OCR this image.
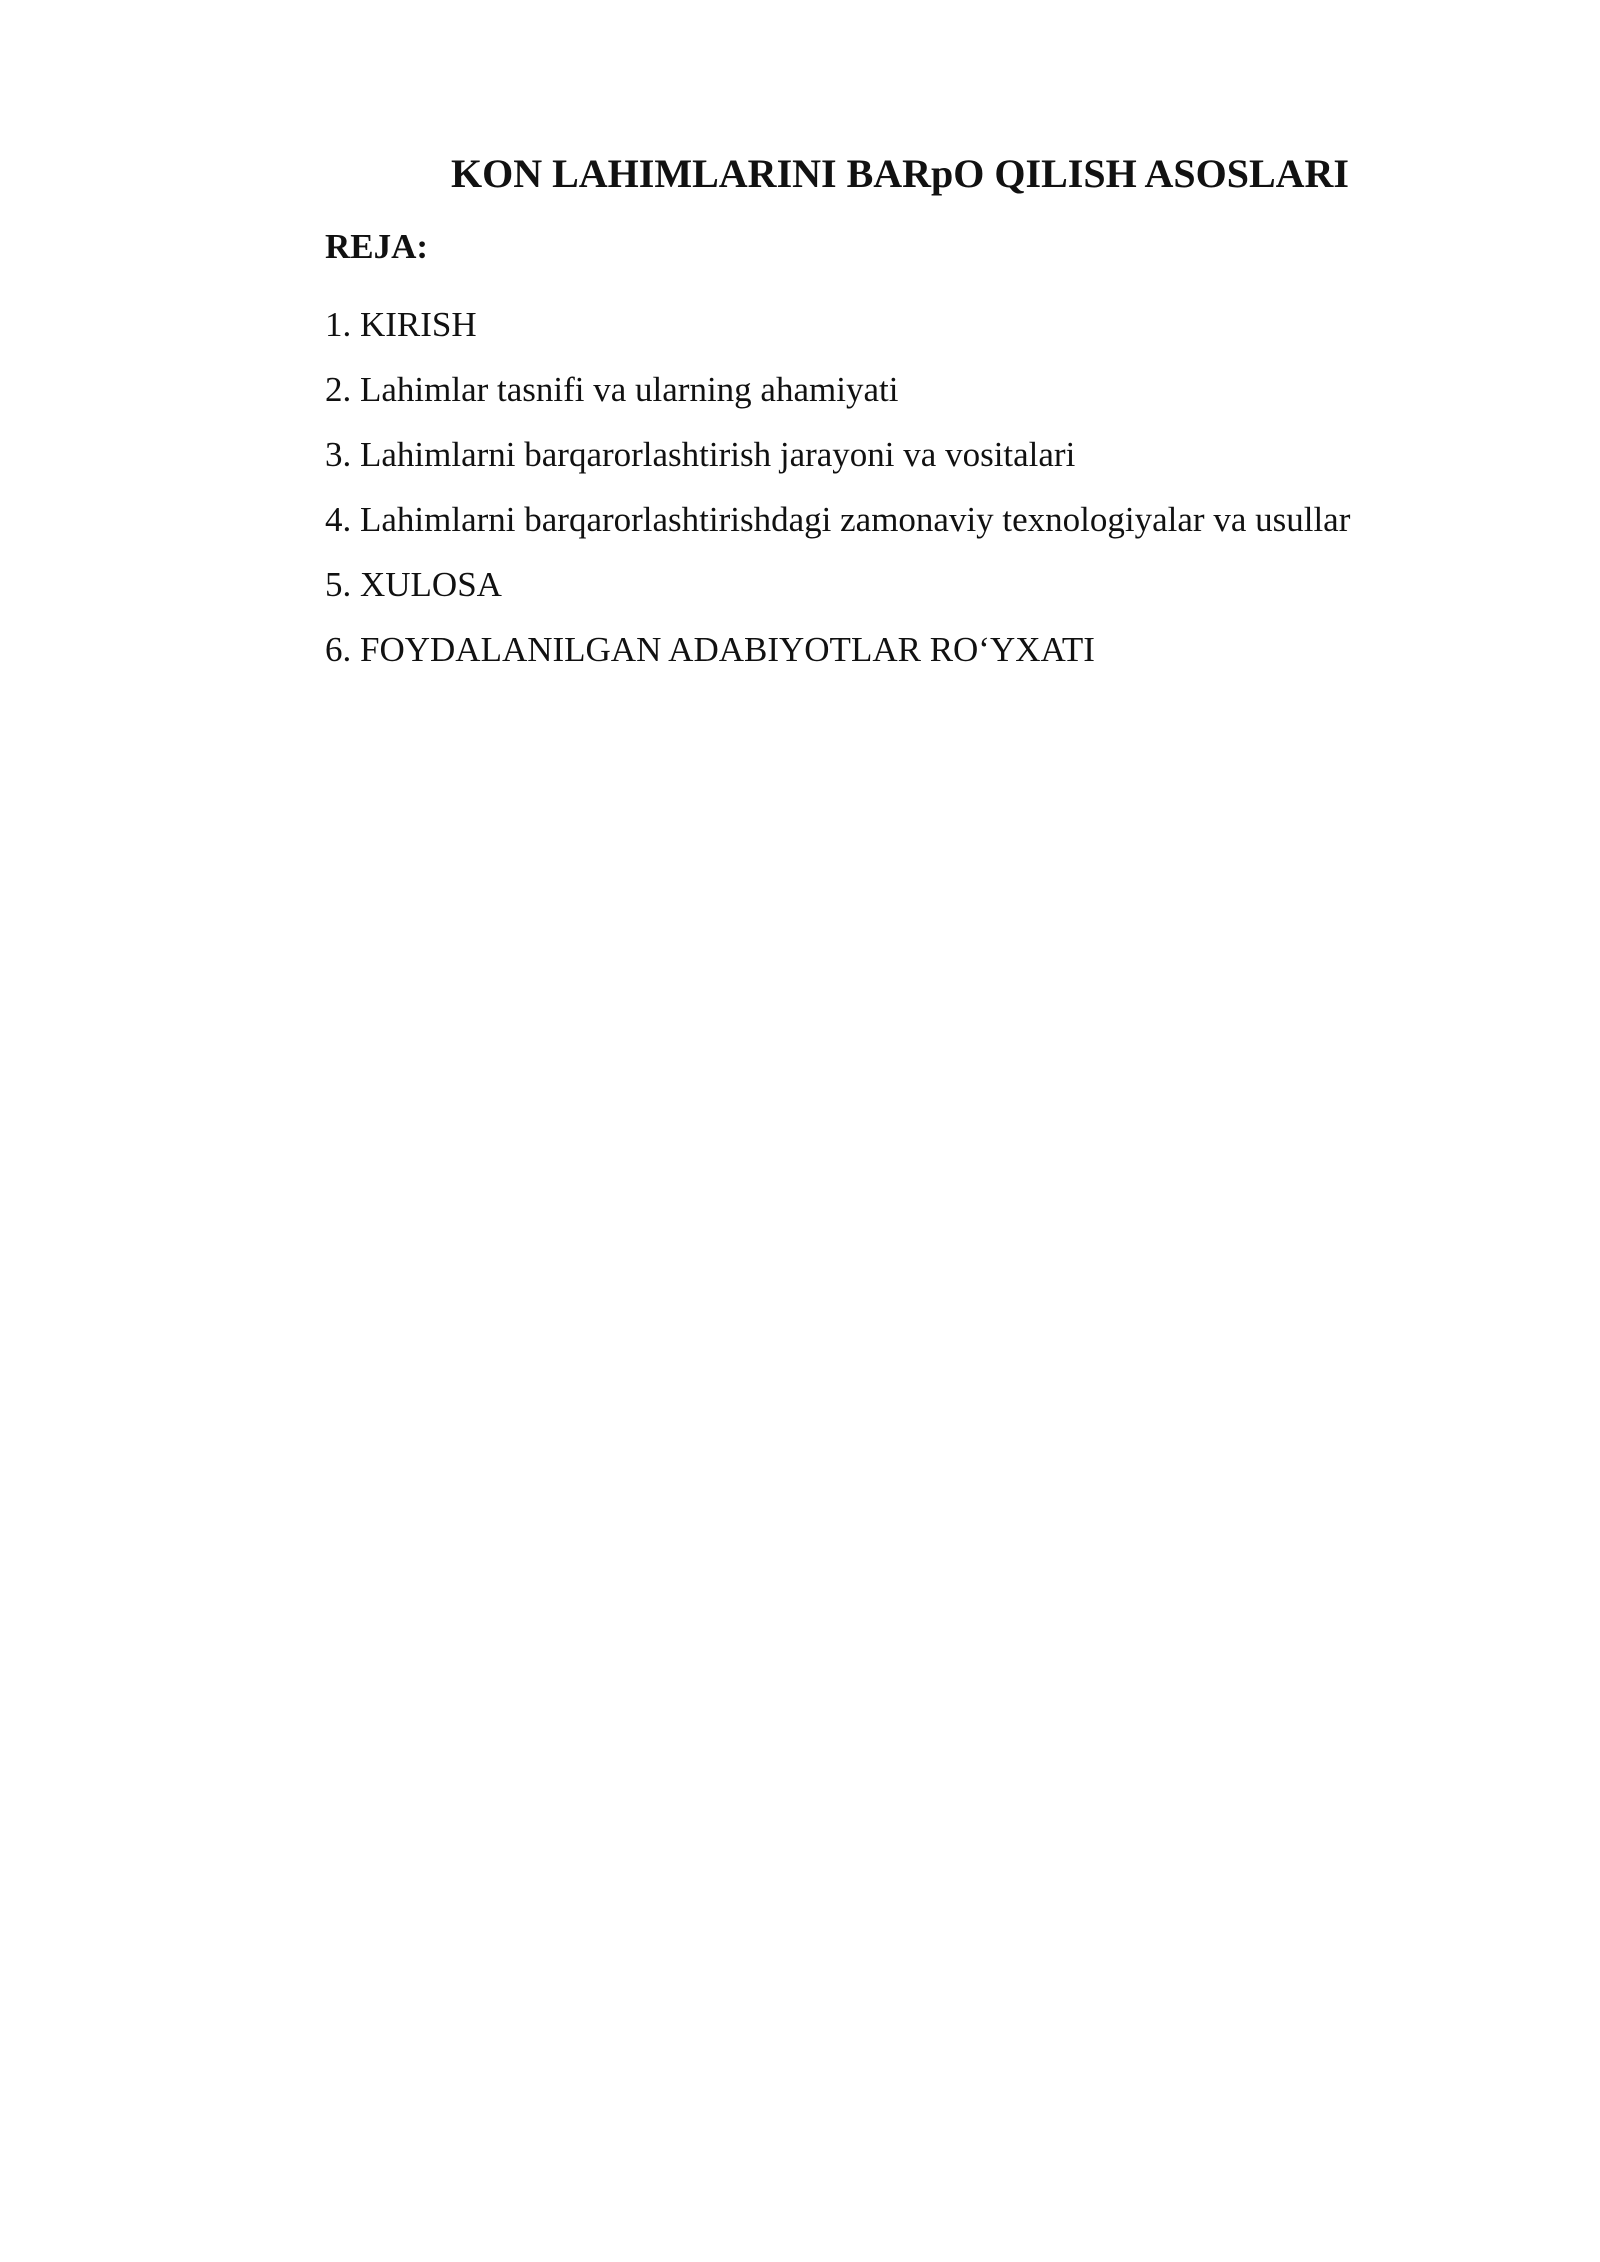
KON LAHIMLARINI BARpO QILISH ASOSLARI
REJA:
1. KIRISH
2. Lahimlar tasnifi va ularning ahamiyati
3. Lahimlarni barqarorlashtirish jarayoni va vositalari
4. Lahimlarni barqarorlashtirishdagi zamonaviy texnologiyalar va usullar
5. XULOSA
6. FOYDALANILGAN ADABIYOTLAR RO‘YXATI
